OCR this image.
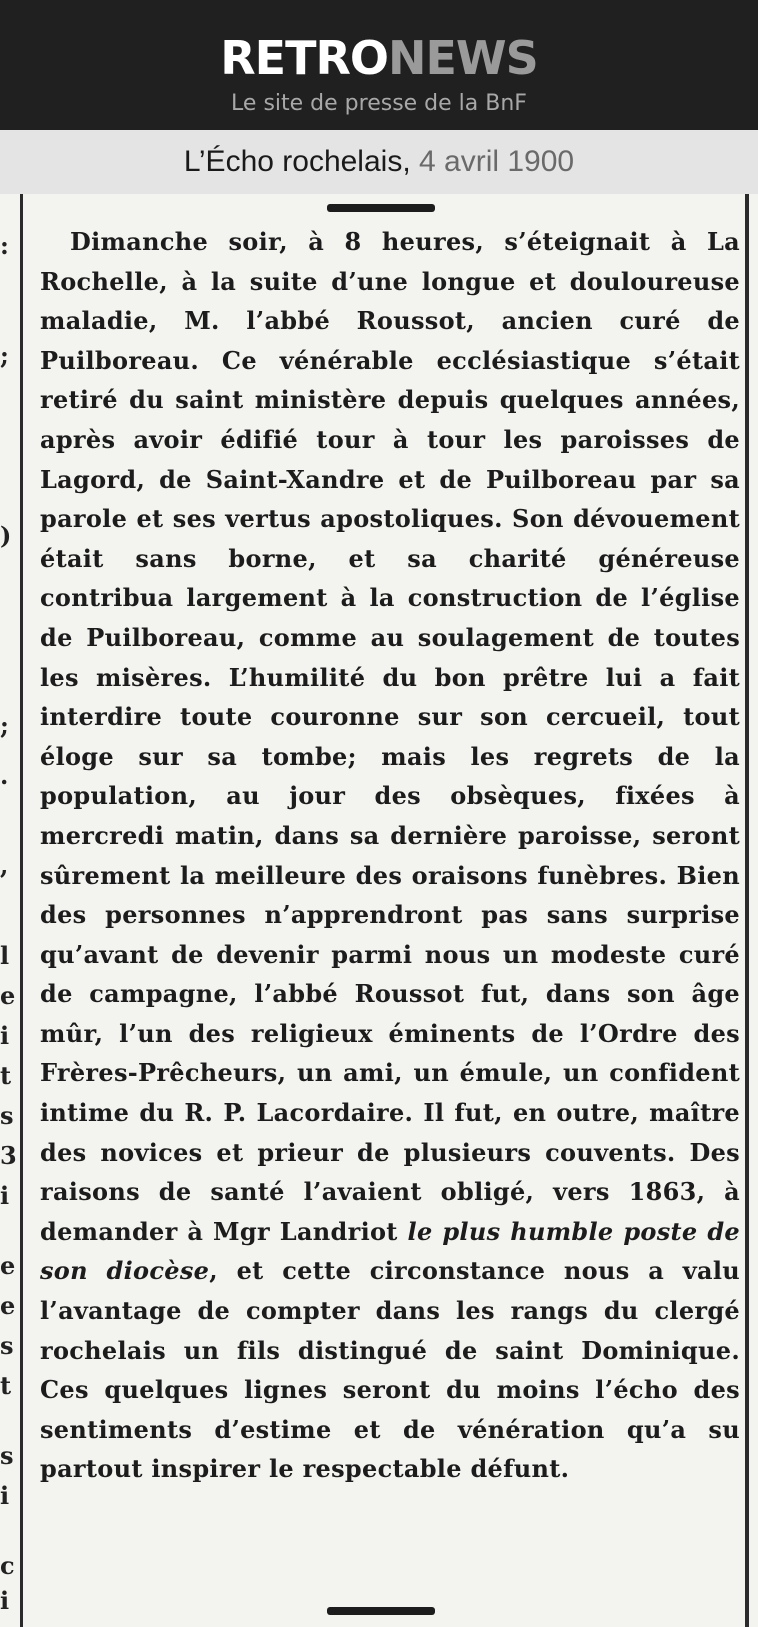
RETRONEWS
Le site de presse de la BnF
L’Écho rochelais, 4 avril 1900
:
;
)
;
.
,
l
e
i
t
s
3
i
e
e
s
t
s
i
c
i

Dimanche soir, à 8 heures, s’éteignait à La Rochelle, à la suite d’une longue et douloureuse maladie, M. l’abbé Roussot, ancien curé de Puilboreau. Ce vénérable ecclésiastique s’était retiré du saint ministère depuis quelques années, après avoir édifié tour à tour les paroisses de Lagord, de Saint-Xandre et de Puilboreau par sa parole et ses vertus apostoliques. Son dévouement était sans borne, et sa charité généreuse contribua largement à la construction de l’église de Puilboreau, comme au soulagement de toutes les misères. L’humilité du bon prêtre lui a fait interdire toute couronne sur son cercueil, tout éloge sur sa tombe; mais les regrets de la population, au jour des obsèques, fixées à mercredi matin, dans sa dernière paroisse, seront sûrement la meilleure des oraisons funèbres. Bien des personnes n’apprendront pas sans surprise qu’avant de devenir parmi nous un modeste curé de campagne, l’abbé Roussot fut, dans son âge mûr, l’un des religieux éminents de l’Ordre des Frères-Prêcheurs, un ami, un émule, un confident intime du R. P. Lacordaire. Il fut, en outre, maître des novices et prieur de plusieurs couvents. Des raisons de santé l’avaient obligé, vers 1863, à demander à Mgr Landriot le plus humble poste de son diocèse, et cette circonstance nous a valu l’avantage de compter dans les rangs du clergé rochelais un fils distingué de saint Dominique. Ces quelques lignes seront du moins l’écho des sentiments d’estime et de vénération qu’a su partout inspirer le respectable défunt.
